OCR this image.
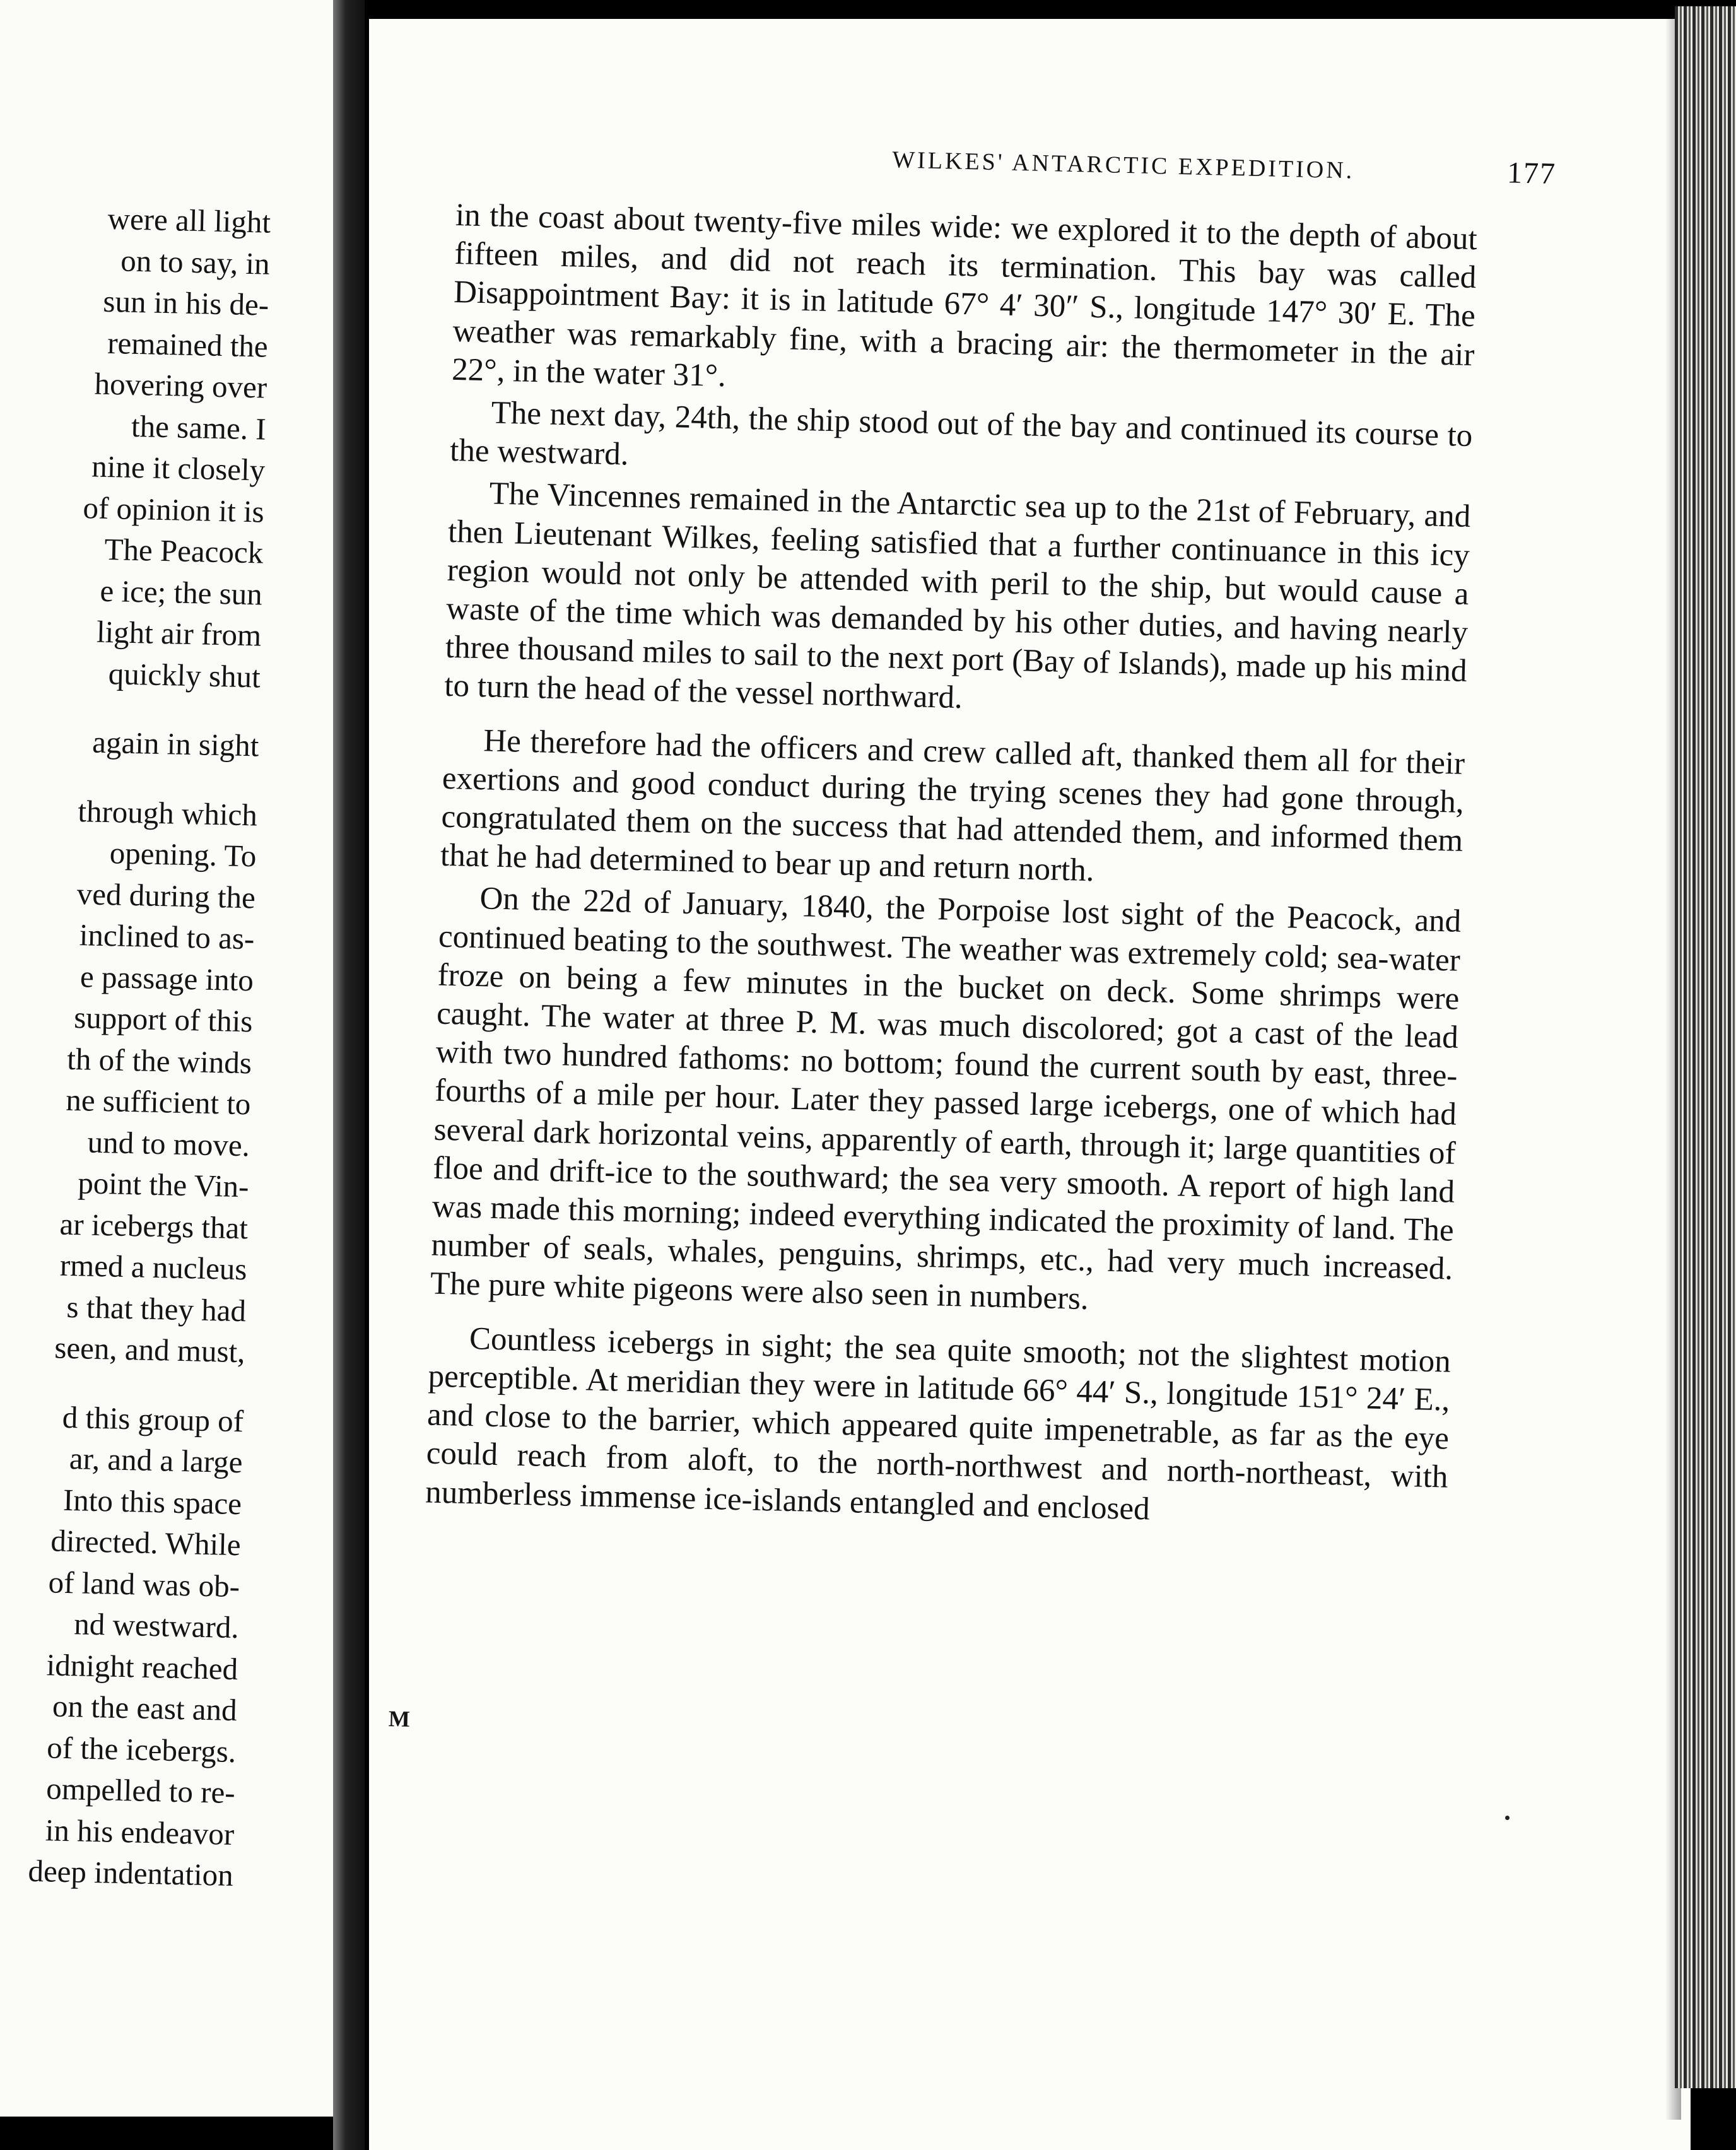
were all light
on to say, in
sun in his de-
remained the
hovering over
the same. I
nine it closely
of opinion it is
The Peacock
e ice; the sun
light air from
quickly shut
again in sight
through which
opening. To
ved during the
inclined to as-
e passage into
support of this
th of the winds
ne sufficient to
und to move.
point the Vin-
ar icebergs that
rmed a nucleus
s that they had
seen, and must,
d this group of
ar, and a large
Into this space
directed. While
of land was ob-
nd westward.
idnight reached
on the east and
of the icebergs.
ompelled to re-
in his endeavor
deep indentation
WILKES' ANTARCTIC EXPEDITION.	177

in the coast about twenty-five miles wide: we explored it to the depth of about fifteen miles, and did not reach its termination. This bay was called Disappointment Bay: it is in latitude 67° 4′ 30″ S., longitude 147° 30′ E. The weather was remarkably fine, with a bracing air: the thermometer in the air 22°, in the water 31°.

The next day, 24th, the ship stood out of the bay and continued its course to the westward.

The Vincennes remained in the Antarctic sea up to the 21st of February, and then Lieutenant Wilkes, feeling satisfied that a further continuance in this icy region would not only be attended with peril to the ship, but would cause a waste of the time which was demanded by his other duties, and having nearly three thousand miles to sail to the next port (Bay of Islands), made up his mind to turn the head of the vessel northward.

He therefore had the officers and crew called aft, thanked them all for their exertions and good conduct during the trying scenes they had gone through, congratulated them on the success that had attended them, and informed them that he had determined to bear up and return north.

On the 22d of January, 1840, the Porpoise lost sight of the Peacock, and continued beating to the southwest. The weather was extremely cold; sea-water froze on being a few minutes in the bucket on deck. Some shrimps were caught. The water at three P. M. was much discolored; got a cast of the lead with two hundred fathoms: no bottom; found the current south by east, three-fourths of a mile per hour. Later they passed large icebergs, one of which had several dark horizontal veins, apparently of earth, through it; large quantities of floe and drift-ice to the southward; the sea very smooth. A report of high land was made this morning; indeed everything indicated the proximity of land. The number of seals, whales, penguins, shrimps, etc., had very much increased. The pure white pigeons were also seen in numbers.

Countless icebergs in sight; the sea quite smooth; not the slightest motion perceptible. At meridian they were in latitude 66° 44′ S., longitude 151° 24′ E., and close to the barrier, which appeared quite impenetrable, as far as the eye could reach from aloft, to the north-northwest and north-northeast, with numberless immense ice-islands entangled and enclosed

M
